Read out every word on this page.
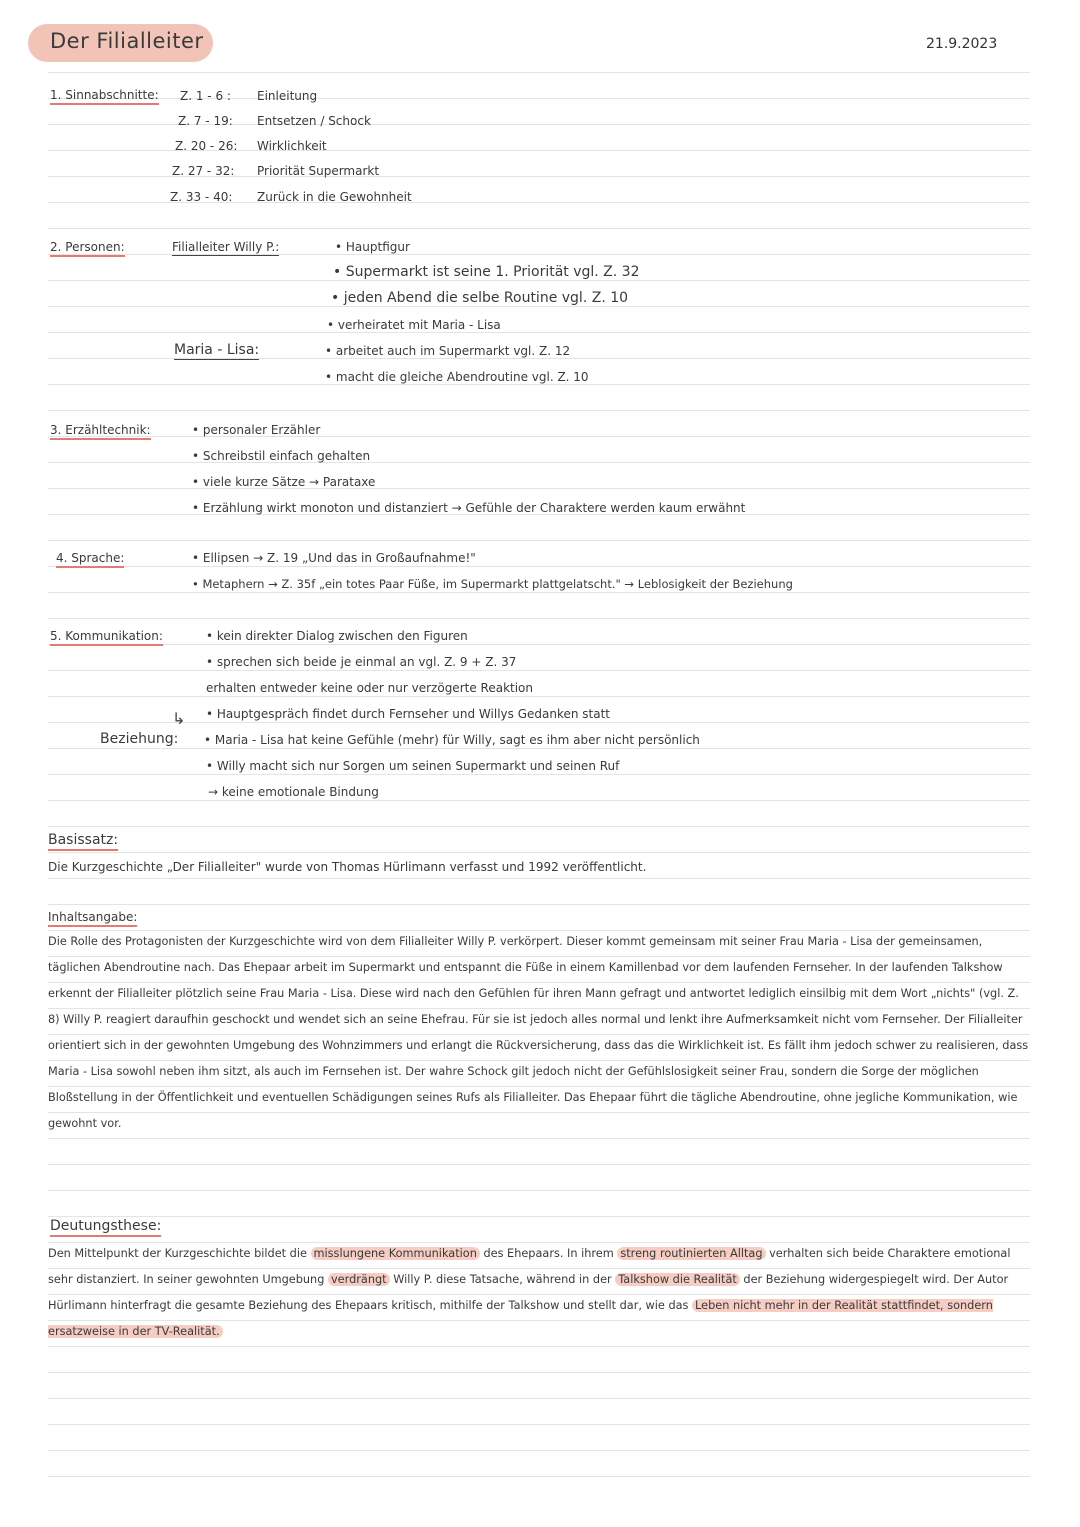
Der Filialleiter	21.9.2023
1. Sinnabschnitte: Z. 1 - 6 : Einleitung
Z. 7 - 19: Entsetzen / Schock
Z. 20 - 26: Wirklichkeit
Z. 27 - 32: Priorität Supermarkt
Z. 33 - 40: Zurück in die Gewohnheit
2. Personen:	Filialleiter Willy P.:	• Hauptfigur
• Supermarkt ist seine 1. Priorität vgl. Z. 32
• jeden Abend die selbe Routine vgl. Z. 10
• verheiratet mit Maria - Lisa
Maria - Lisa:	• arbeitet auch im Supermarkt vgl. Z. 12
• macht die gleiche Abendroutine vgl. Z. 10
3. Erzähltechnik:	• personaler Erzähler
• Schreibstil einfach gehalten
• viele kurze Sätze → Parataxe
• Erzählung wirkt monoton und distanziert → Gefühle der Charaktere werden kaum erwähnt
4. Sprache:	• Ellipsen → Z. 19 „Und das in Großaufnahme!"
• Metaphern → Z. 35f „ein totes Paar Füße, im Supermarkt plattgelatscht." → Leblosigkeit der Beziehung
5. Kommunikation:	• kein direkter Dialog zwischen den Figuren
• sprechen sich beide je einmal an vgl. Z. 9 + Z. 37
erhalten entweder keine oder nur verzögerte Reaktion
• Hauptgespräch findet durch Fernseher und Willys Gedanken statt
↳
Beziehung: • Maria - Lisa hat keine Gefühle (mehr) für Willy, sagt es ihm aber nicht persönlich
• Willy macht sich nur Sorgen um seinen Supermarkt und seinen Ruf
→ keine emotionale Bindung
Basissatz:
Die Kurzgeschichte „Der Filialleiter" wurde von Thomas Hürlimann verfasst und 1992 veröffentlicht.
Inhaltsangabe:
Die Rolle des Protagonisten der Kurzgeschichte wird von dem Filialleiter Willy P. verkörpert. Dieser kommt gemeinsam mit seiner Frau Maria - Lisa der gemeinsamen, täglichen Abendroutine nach. Das Ehepaar arbeit im Supermarkt und entspannt die Füße in einem Kamillenbad vor dem laufenden Fernseher. In der laufenden Talkshow erkennt der Filialleiter plötzlich seine Frau Maria - Lisa. Diese wird nach den Gefühlen für ihren Mann gefragt und antwortet lediglich einsilbig mit dem Wort „nichts" (vgl. Z. 8) Willy P. reagiert daraufhin geschockt und wendet sich an seine Ehefrau. Für sie ist jedoch alles normal und lenkt ihre Aufmerksamkeit nicht vom Fernseher. Der Filialleiter orientiert sich in der gewohnten Umgebung des Wohnzimmers und erlangt die Rückversicherung, dass das die Wirklichkeit ist. Es fällt ihm jedoch schwer zu realisieren, dass Maria - Lisa sowohl neben ihm sitzt, als auch im Fernsehen ist. Der wahre Schock gilt jedoch nicht der Gefühlslosigkeit seiner Frau, sondern die Sorge der möglichen Bloßstellung in der Öffentlichkeit und eventuellen Schädigungen seines Rufs als Filialleiter. Das Ehepaar führt die tägliche Abendroutine, ohne jegliche Kommunikation, wie gewohnt vor.
Deutungsthese:
Den Mittelpunkt der Kurzgeschichte bildet die misslungene Kommunikation des Ehepaars. In ihrem streng routinierten Alltag verhalten sich beide Charaktere emotional sehr distanziert. In seiner gewohnten Umgebung verdrängt Willy P. diese Tatsache, während in der Talkshow die Realität der Beziehung widergespiegelt wird. Der Autor Hürlimann hinterfragt die gesamte Beziehung des Ehepaars kritisch, mithilfe der Talkshow und stellt dar, wie das Leben nicht mehr in der Realität stattfindet, sondern ersatzweise in der TV-Realität.
